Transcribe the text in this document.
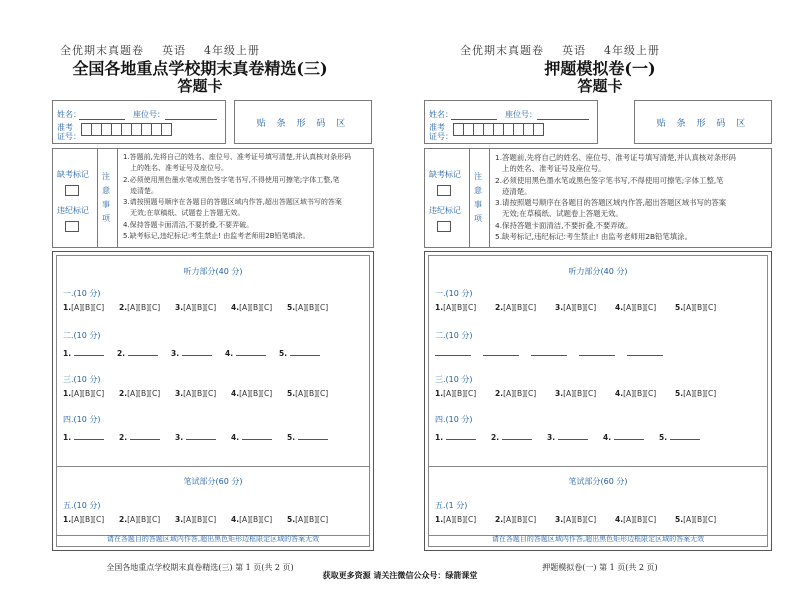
全优期末真题卷    英语    4年级上册
全国各地重点学校期末真卷精选(三)
答题卡
姓名：	座位号：
准考
证号：
贴 条 形 码 区
缺考标记
违纪标记
注
意
事
项
1.答题前,先将自己的姓名、座位号、准考证号填写清楚,并认真核对条形码
上的姓名、准考证号及座位号。
2.必须使用黑色墨水笔或黑色签字笔书写,不得使用可擦笔;字体工整,笔
迹清楚。
3.请按照题号顺序在各题目的答题区域内作答,超出答题区域书写的答案
无效;在草稿纸、试题卷上答题无效。
4.保持答题卡面清洁,不要折叠,不要弄破。
5.缺考标记,违纪标记:考生禁止! 由监考老师用2B铅笔填涂。
听力部分(40 分)
一.(10 分)
1.[A][B][C] 2.[A][B][C] 3.[A][B][C] 4.[A][B][C] 5.[A][B][C]
二.(10 分)
1.	2.	3.	4.	5.
三.(10 分)
1.[A][B][C] 2.[A][B][C] 3.[A][B][C] 4.[A][B][C] 5.[A][B][C]
四.(10 分)
1.	2.	3.	4.	5.
笔试部分(60 分)
五.(10 分)
1.[A][B][C] 2.[A][B][C] 3.[A][B][C] 4.[A][B][C] 5.[A][B][C]
请在各题目的答题区域内作答,超出黑色矩形边框限定区域的答案无效
全国各地重点学校期末真卷精选(三) 第 1 页(共 2 页)
全优期末真题卷    英语    4年级上册
押题模拟卷(一)
答题卡
姓名：	座位号：
准考
证号：
贴 条 形 码 区
缺考标记
违纪标记
注
意
事
项
1.答题前,先将自己的姓名、座位号、准考证号填写清楚,并认真核对条形码
上的姓名、准考证号及座位号。
2.必须使用黑色墨水笔或黑色签字笔书写,不得使用可擦笔;字体工整,笔
迹清楚。
3.请按照题号顺序在各题目的答题区域内作答,超出答题区域书写的答案
无效;在草稿纸、试题卷上答题无效。
4.保持答题卡面清洁,不要折叠,不要弄破。
5.缺考标记,违纪标记:考生禁止! 由监考老师用2B铅笔填涂。
听力部分(40 分)
一.(10 分)
1.[A][B][C]	2.[A][B][C]	3.[A][B][C]	4.[A][B][C]	5.[A][B][C]
二.(10 分)
三.(10 分)
1.[A][B][C]	2.[A][B][C]	3.[A][B][C]	4.[A][B][C]	5.[A][B][C]
四.(10 分)
1.	2.	3.	4.	5.
笔试部分(60 分)
五.(1 分)
1.[A][B][C]	2.[A][B][C]	3.[A][B][C]	4.[A][B][C]	5.[A][B][C]
请在各题目的答题区域内作答,超出黑色矩形边框限定区域的答案无效
押题模拟卷(一) 第 1 页(共 2 页)
获取更多资源 请关注微信公众号：绿箭课堂
